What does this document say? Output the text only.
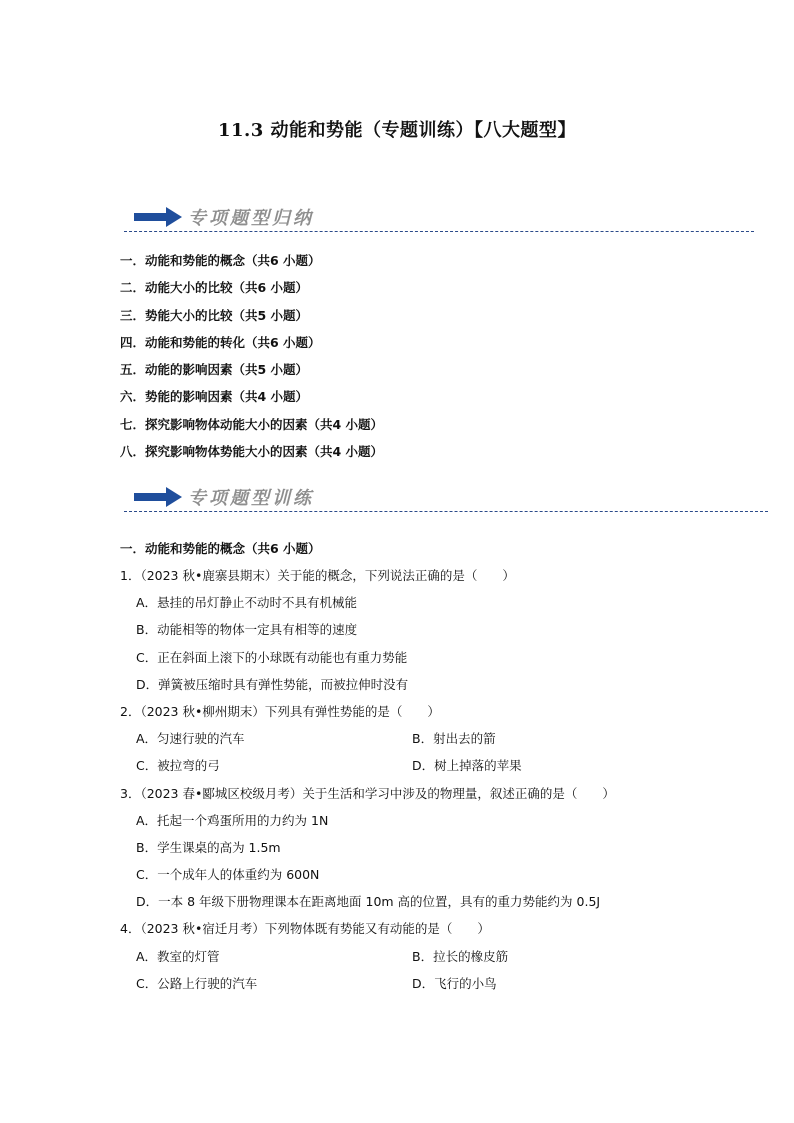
11.3 动能和势能（专题训练）【八大题型】
专项题型归纳
一．动能和势能的概念（共6 小题）
二．动能大小的比较（共6 小题）
三．势能大小的比较（共5 小题）
四．动能和势能的转化（共6 小题）
五．动能的影响因素（共5 小题）
六．势能的影响因素（共4 小题）
七．探究影响物体动能大小的因素（共4 小题）
八．探究影响物体势能大小的因素（共4 小题）
专项题型训练
一．动能和势能的概念（共6 小题）
1．（2023 秋•鹿寨县期末）关于能的概念，下列说法正确的是（　　）
A．悬挂的吊灯静止不动时不具有机械能
B．动能相等的物体一定具有相等的速度
C．正在斜面上滚下的小球既有动能也有重力势能
D．弹簧被压缩时具有弹性势能，而被拉伸时没有
2．（2023 秋•柳州期末）下列具有弹性势能的是（　　）
A．匀速行驶的汽车	B．射出去的箭
C．被拉弯的弓	D．树上掉落的苹果
3．（2023 春•郾城区校级月考）关于生活和学习中涉及的物理量，叙述正确的是（　　）
A．托起一个鸡蛋所用的力约为 1N
B．学生课桌的高为 1.5m
C．一个成年人的体重约为 600N
D．一本 8 年级下册物理课本在距离地面 10m 高的位置，具有的重力势能约为 0.5J
4．（2023 秋•宿迁月考）下列物体既有势能又有动能的是（　　）
A．教室的灯管	B．拉长的橡皮筋
C．公路上行驶的汽车	D．飞行的小鸟
